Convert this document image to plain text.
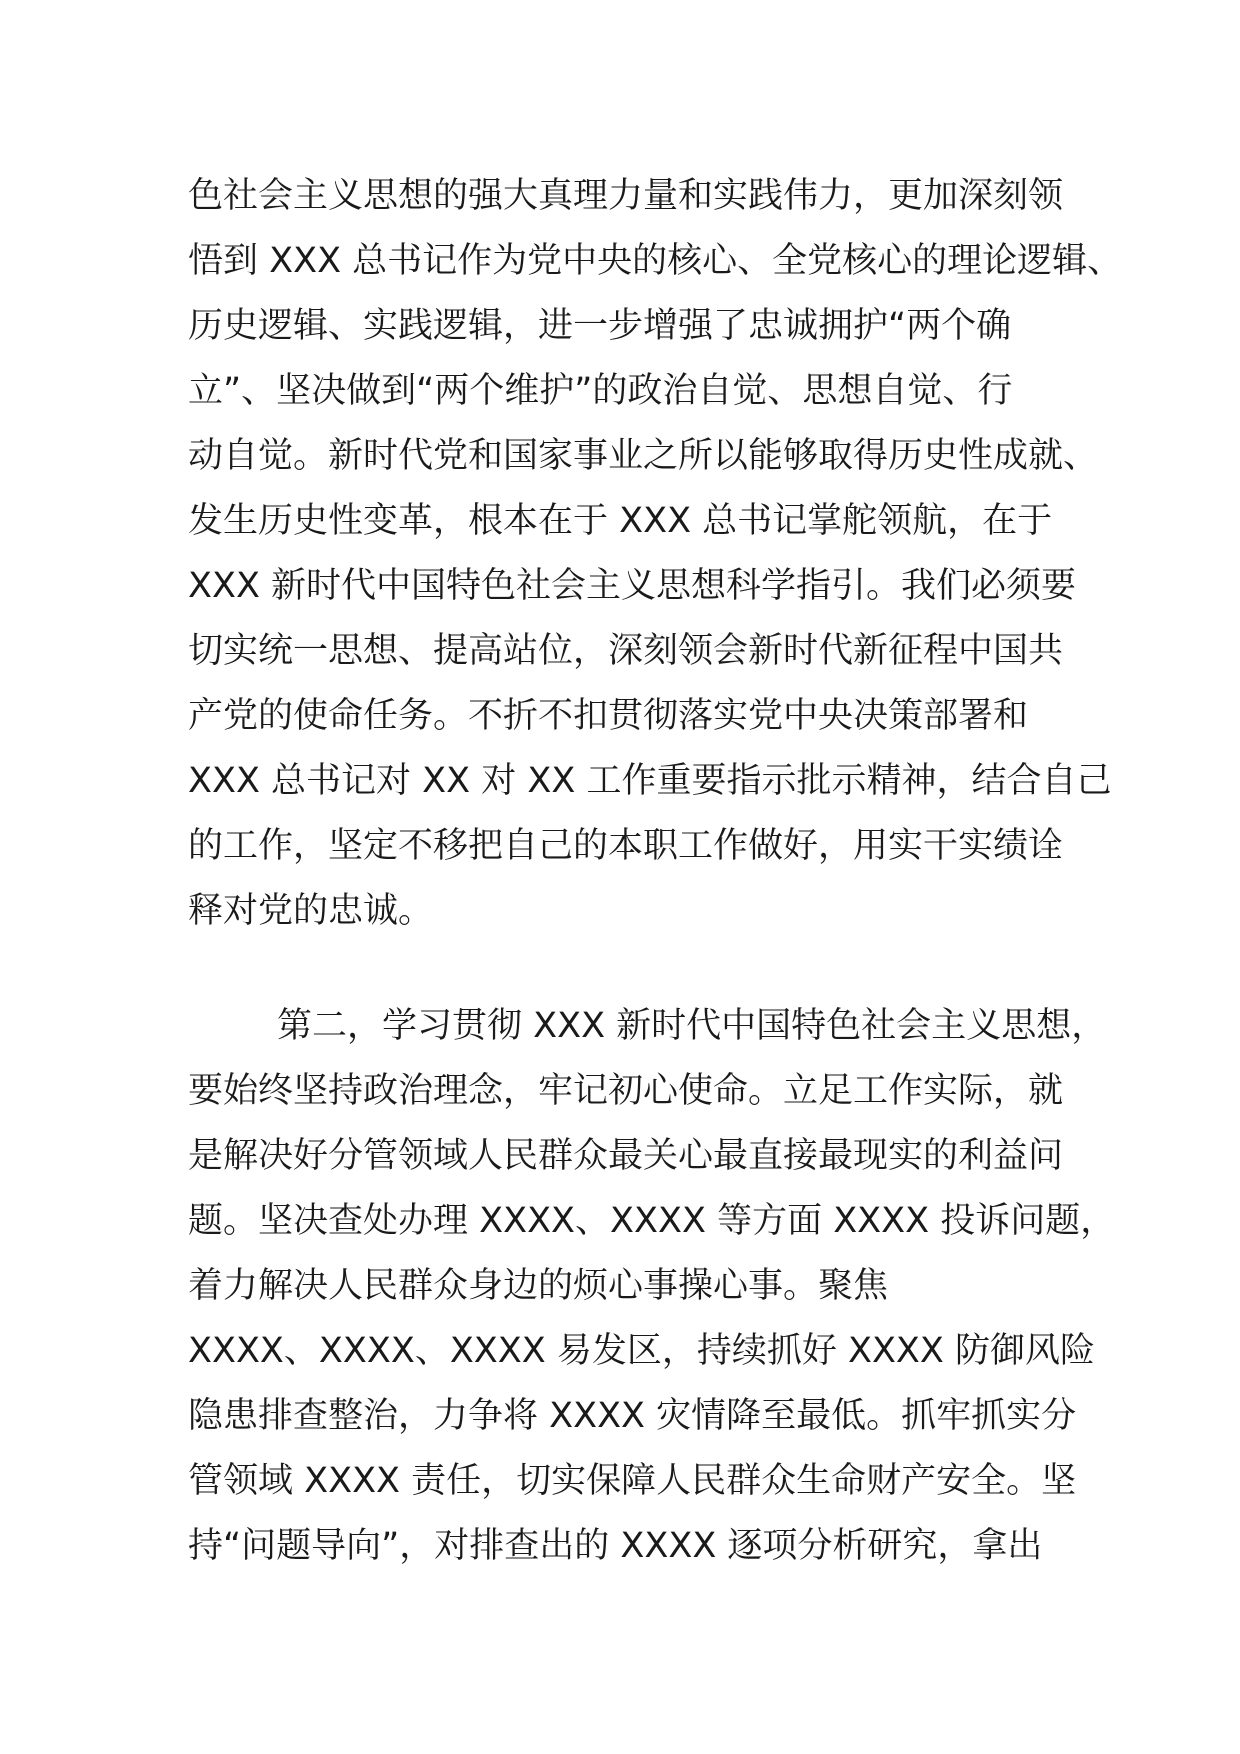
色社会主义思想的强大真理力量和实践伟力，更加深刻领
悟到 XXX 总书记作为党中央的核心、全党核心的理论逻辑、
历史逻辑、实践逻辑，进一步增强了忠诚拥护“两个确
立”、坚决做到“两个维护”的政治自觉、思想自觉、行
动自觉。新时代党和国家事业之所以能够取得历史性成就、
发生历史性变革，根本在于 XXX 总书记掌舵领航，在于
XXX 新时代中国特色社会主义思想科学指引。我们必须要
切实统一思想、提高站位，深刻领会新时代新征程中国共
产党的使命任务。不折不扣贯彻落实党中央决策部署和
XXX 总书记对 XX 对 XX 工作重要指示批示精神，结合自己
的工作，坚定不移把自己的本职工作做好，用实干实绩诠
释对党的忠诚。
第二，学习贯彻 XXX 新时代中国特色社会主义思想，
要始终坚持政治理念，牢记初心使命。立足工作实际，就
是解决好分管领域人民群众最关心最直接最现实的利益问
题。坚决查处办理 XXXX、XXXX 等方面 XXXX 投诉问题，
着力解决人民群众身边的烦心事操心事。聚焦
XXXX、XXXX、XXXX 易发区，持续抓好 XXXX 防御风险
隐患排查整治，力争将 XXXX 灾情降至最低。抓牢抓实分
管领域 XXXX 责任，切实保障人民群众生命财产安全。坚
持“问题导向”，对排查出的 XXXX 逐项分析研究，拿出
